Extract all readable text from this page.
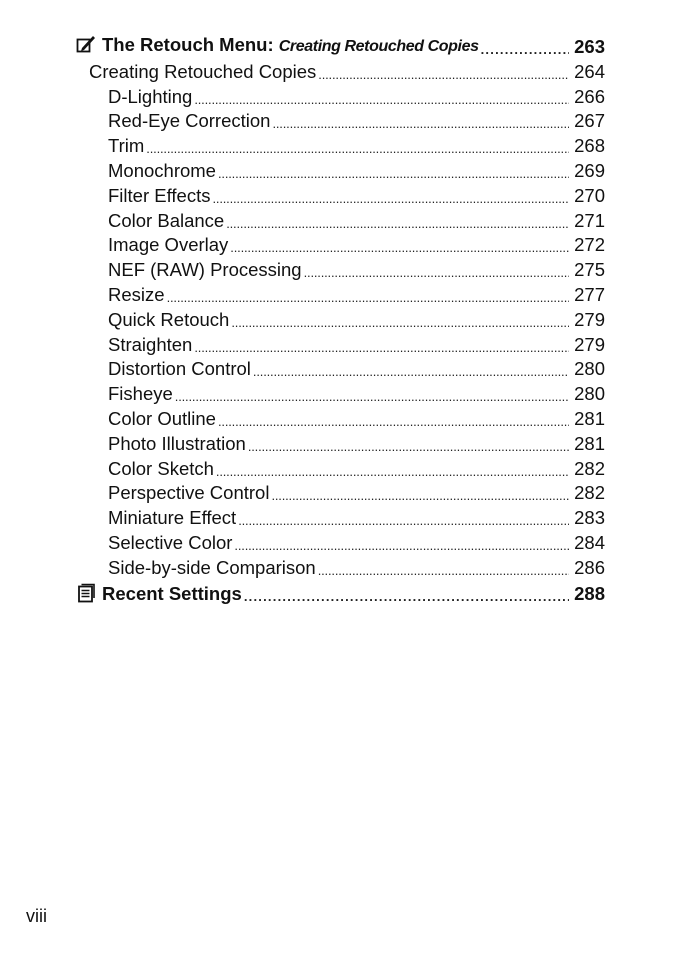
The Retouch Menu: Creating Retouched Copies . . .	263
Creating Retouched Copies . . .	264
D-Lighting . . .	266
Red-Eye Correction . . .	267
Trim . . .	268
Monochrome . . .	269
Filter Effects . . .	270
Color Balance . . .	271
Image Overlay . . .	272
NEF (RAW) Processing . . .	275
Resize . . .	277
Quick Retouch . . .	279
Straighten . . .	279
Distortion Control . . .	280
Fisheye . . .	280
Color Outline . . .	281
Photo Illustration . . .	281
Color Sketch . . .	282
Perspective Control . . .	282
Miniature Effect . . .	283
Selective Color . . .	284
Side-by-side Comparison . . .	286
Recent Settings . . .	288
viii
